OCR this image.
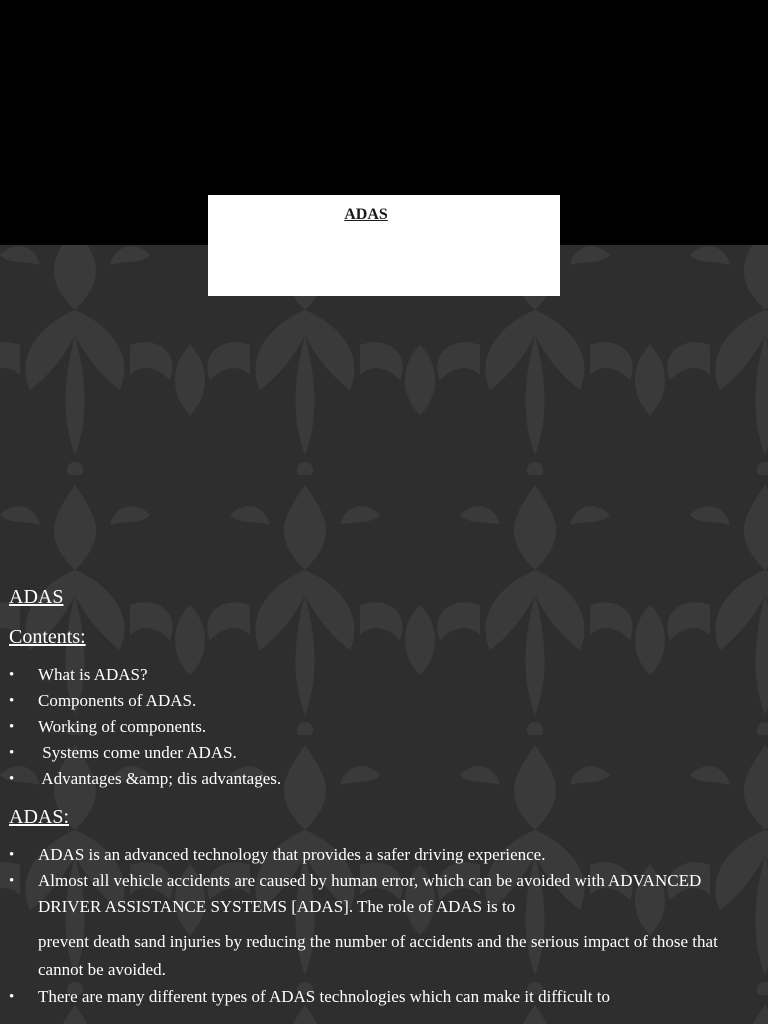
ADAS
ADAS
Contents:
• What is ADAS?
• Components of ADAS.
• Working of components.
• Systems come under ADAS.
• Advantages &amp; dis advantages.
ADAS:
• ADAS is an advanced technology that provides a safer driving experience.
• Almost all vehicle accidents are caused by human error, which can be avoided with ADVANCED DRIVER ASSISTANCE SYSTEMS [ADAS]. The role of ADAS is to
prevent death sand injuries by reducing the number of accidents and the serious impact of those that cannot be avoided.
• There are many different types of ADAS technologies which can make it difficult to
